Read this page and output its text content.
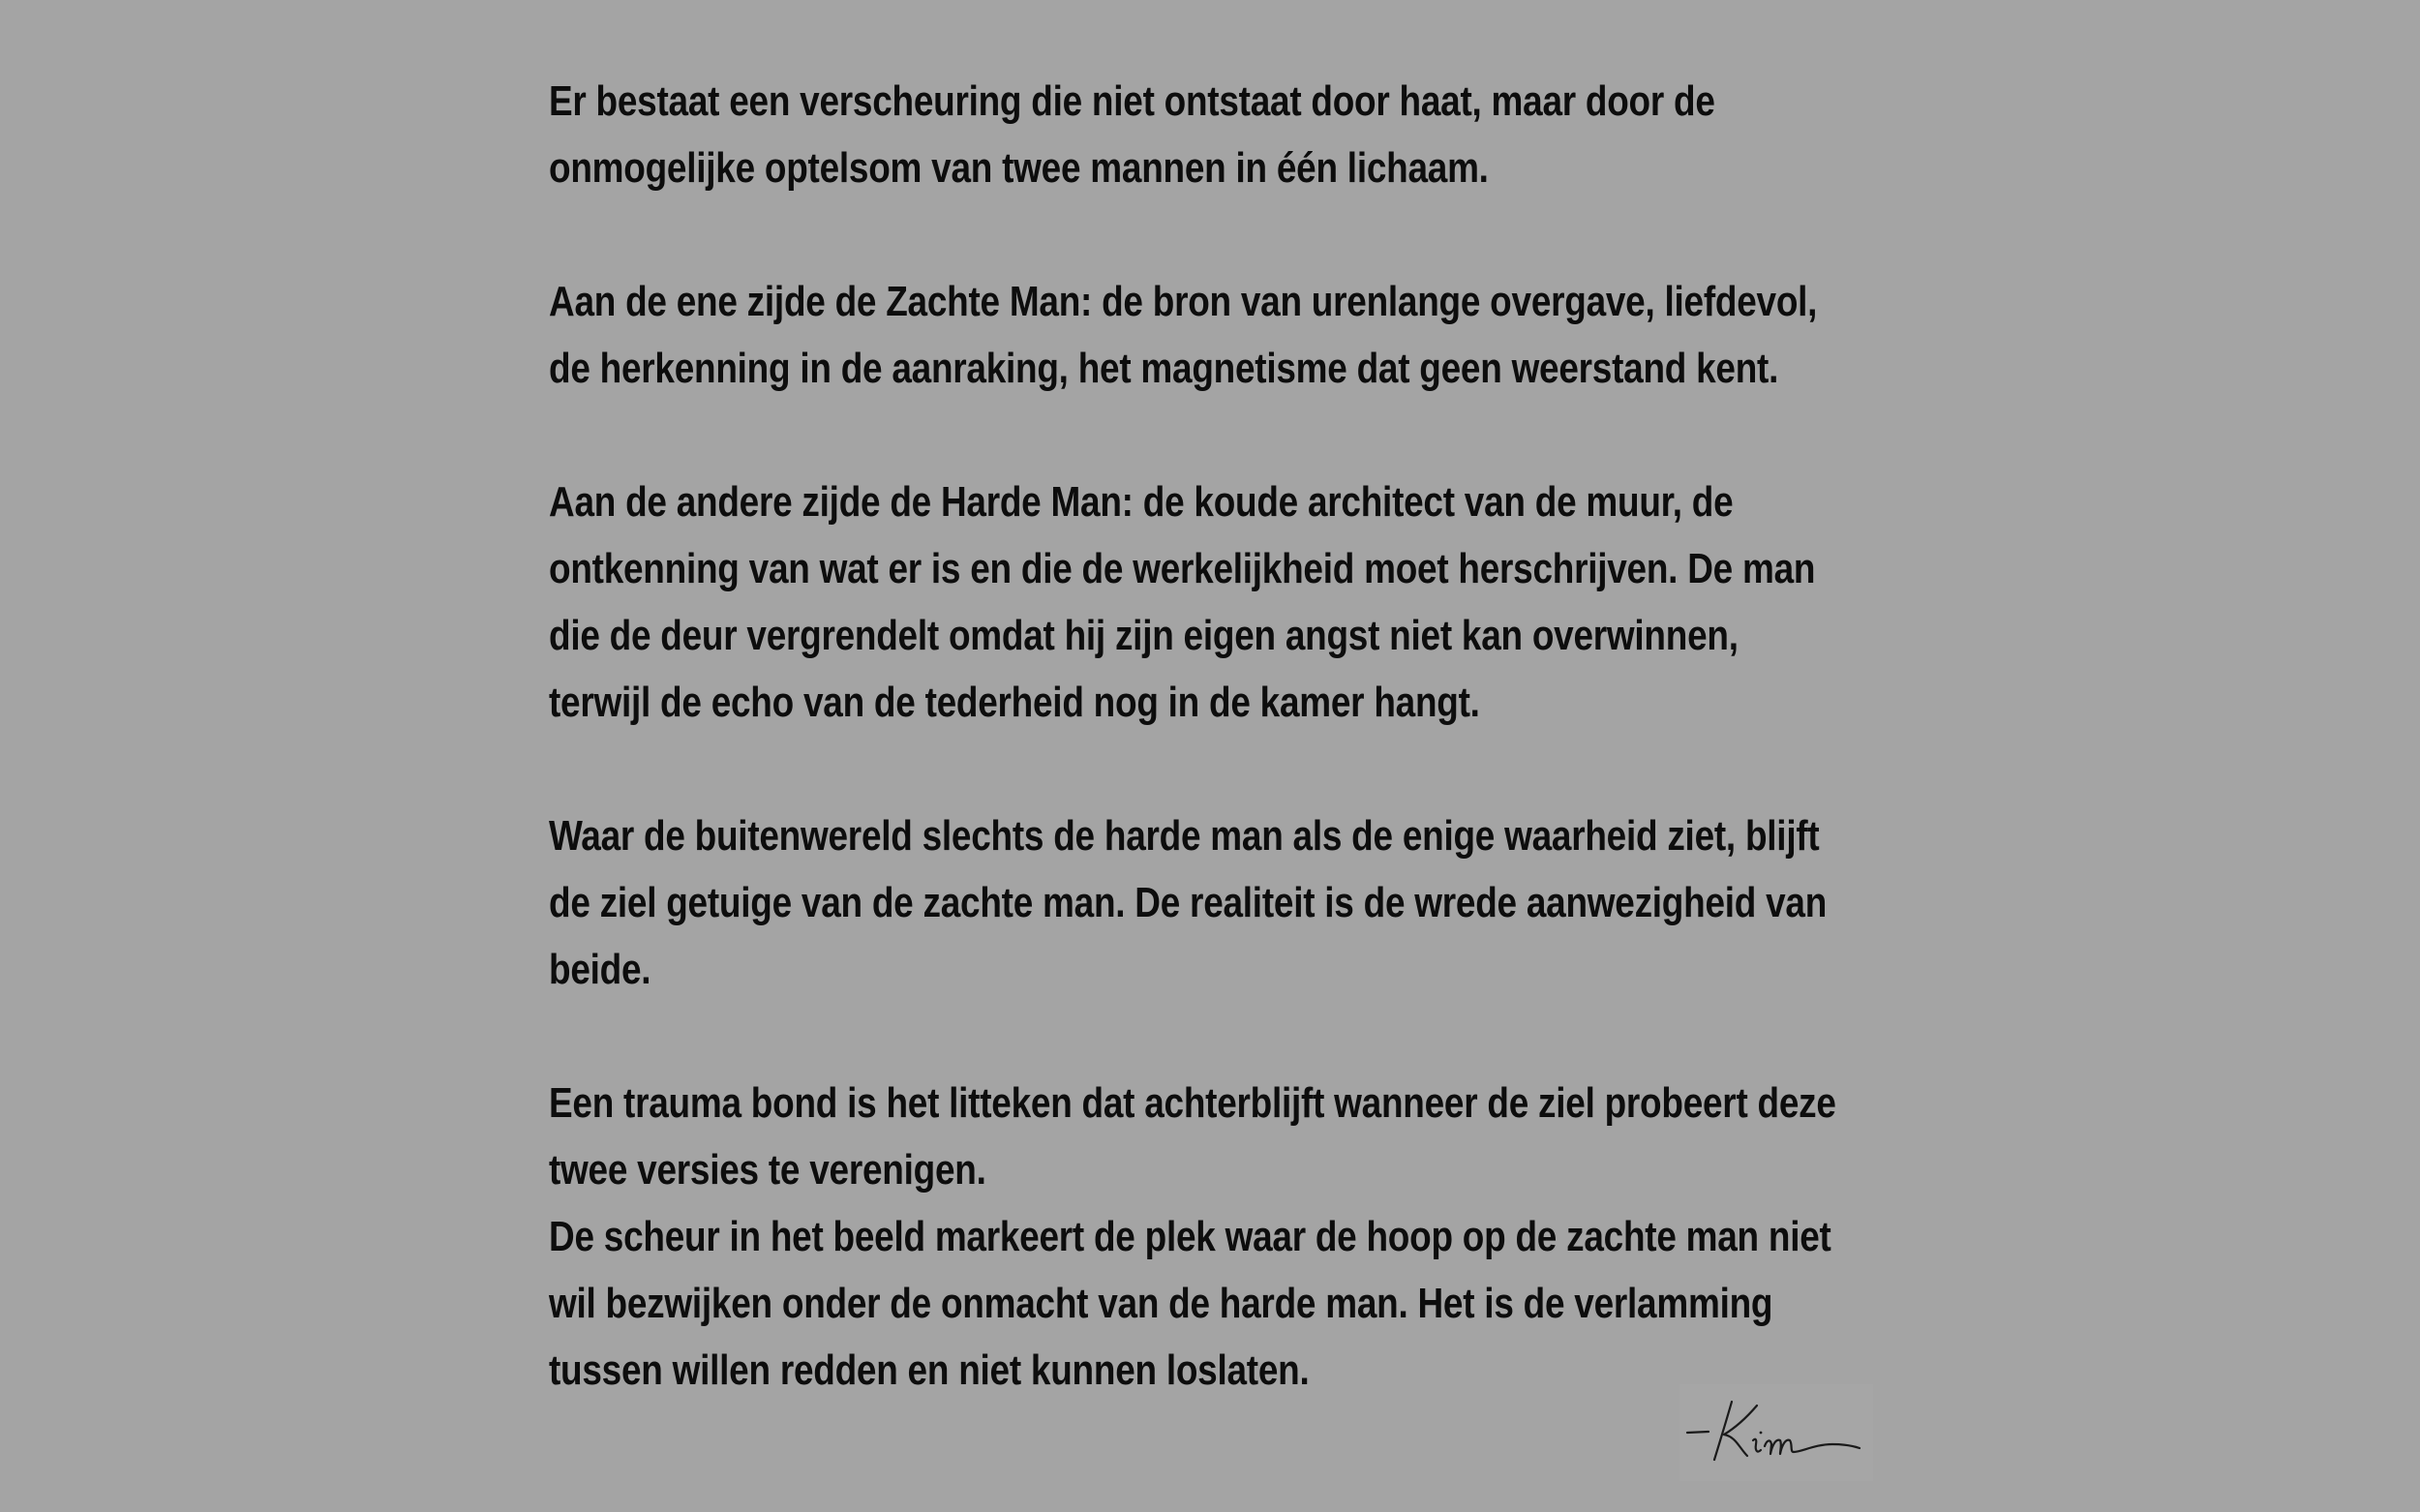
Er bestaat een verscheuring die niet ontstaat door haat, maar door de
onmogelijke optelsom van twee mannen in één lichaam.
Aan de ene zijde de Zachte Man: de bron van urenlange overgave, liefdevol,
de herkenning in de aanraking, het magnetisme dat geen weerstand kent.
Aan de andere zijde de Harde Man: de koude architect van de muur, de
ontkenning van wat er is en die de werkelijkheid moet herschrijven. De man
die de deur vergrendelt omdat hij zijn eigen angst niet kan overwinnen,
terwijl de echo van de tederheid nog in de kamer hangt.
Waar de buitenwereld slechts de harde man als de enige waarheid ziet, blijft
de ziel getuige van de zachte man. De realiteit is de wrede aanwezigheid van
beide.
Een trauma bond is het litteken dat achterblijft wanneer de ziel probeert deze
twee versies te verenigen.
De scheur in het beeld markeert de plek waar de hoop op de zachte man niet
wil bezwijken onder de onmacht van de harde man. Het is de verlamming
tussen willen redden en niet kunnen loslaten.
